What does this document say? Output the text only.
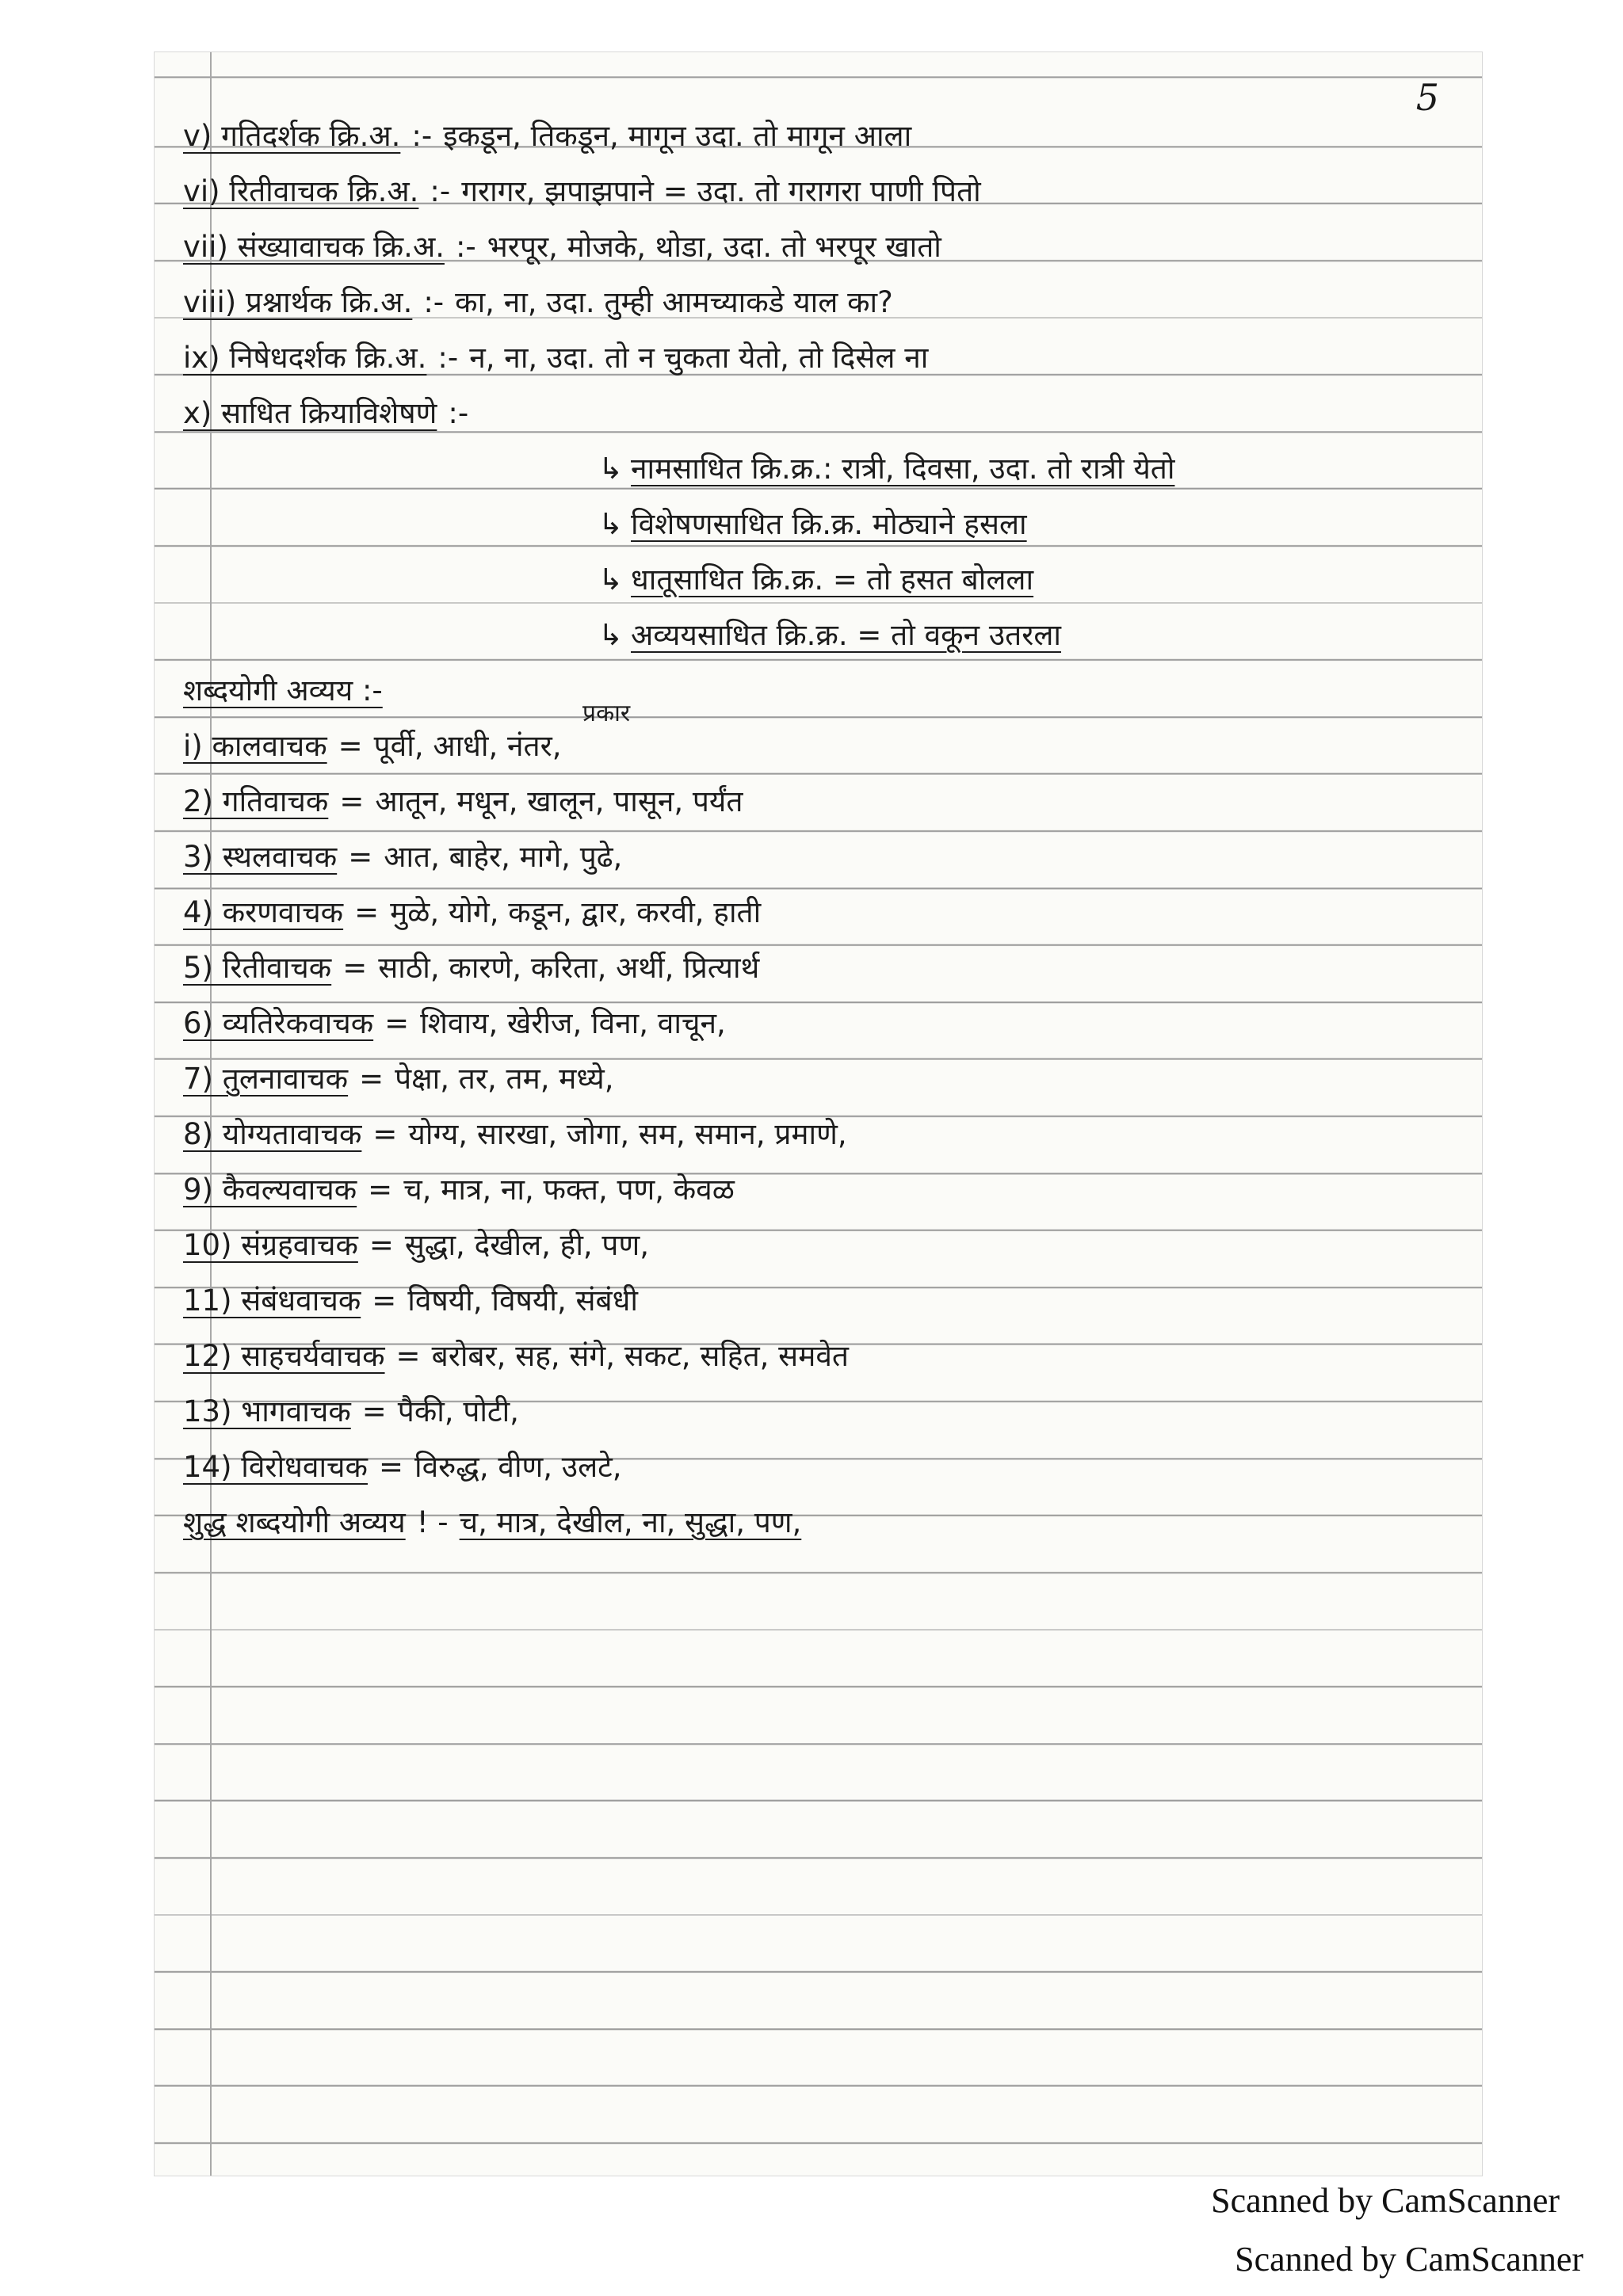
5
v) गतिदर्शक क्रि.अ. :- इकडून, तिकडून, मागून उदा. तो मागून आला
vi) रितीवाचक क्रि.अ. :- गरागर, झपाझपाने = उदा. तो गरागरा पाणी पितो
vii) संख्यावाचक क्रि.अ. :- भरपूर, मोजके, थोडा, उदा. तो भरपूर खातो
viii) प्रश्नार्थक क्रि.अ. :- का, ना, उदा. तुम्ही आमच्याकडे याल का?
ix) निषेधदर्शक क्रि.अ. :- न, ना, उदा. तो न चुकता येतो, तो दिसेल ना
x) साधित क्रियाविशेषणे :-
↳ नामसाधित क्रि.क्र.: रात्री, दिवसा, उदा. तो रात्री येतो
↳ विशेषणसाधित क्रि.क्र. मोठ्याने हसला
↳ धातूसाधित क्रि.क्र. = तो हसत बोलला
↳ अव्ययसाधित क्रि.क्र. = तो वकून उतरला
शब्दयोगी अव्यय :-
प्रकार
i) कालवाचक = पूर्वी, आधी, नंतर,
2) गतिवाचक = आतून, मधून, खालून, पासून, पर्यंत
3) स्थलवाचक = आत, बाहेर, मागे, पुढे,
4) करणवाचक = मुळे, योगे, कडून, द्वार, करवी, हाती
5) रितीवाचक = साठी, कारणे, करिता, अर्थी, प्रित्यार्थ
6) व्यतिरेकवाचक = शिवाय, खेरीज, विना, वाचून,
7) तुलनावाचक = पेक्षा, तर, तम, मध्ये,
8) योग्यतावाचक = योग्य, सारखा, जोगा, सम, समान, प्रमाणे,
9) कैवल्यवाचक = च, मात्र, ना, फक्त, पण, केवळ
10) संग्रहवाचक = सुद्धा, देखील, ही, पण,
11) संबंधवाचक = विषयी, विषयी, संबंधी
12) साहचर्यवाचक = बरोबर, सह, संगे, सकट, सहित, समवेत
13) भागवाचक = पैकी, पोटी,
14) विरोधवाचक = विरुद्ध, वीण, उलटे,
शुद्ध शब्दयोगी अव्यय ! - च, मात्र, देखील, ना, सुद्धा, पण,
Scanned by CamScanner
Scanned by CamScanner
